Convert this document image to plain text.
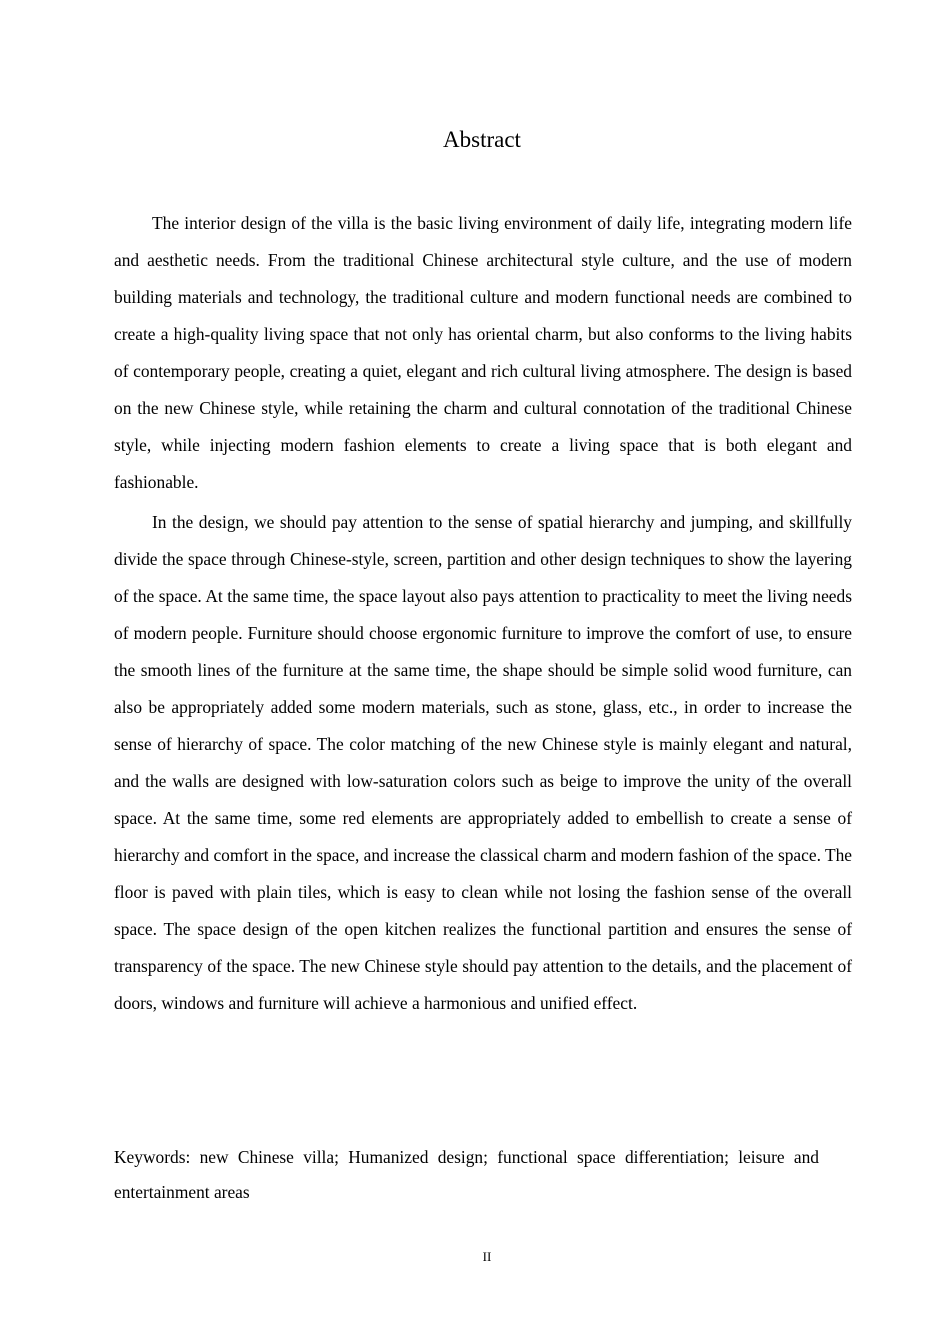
Abstract

The interior design of the villa is the basic living environment of daily life, integrating modern life and aesthetic needs. From the traditional Chinese architectural style culture, and the use of modern building materials and technology, the traditional culture and modern functional needs are combined to create a high-quality living space that not only has oriental charm, but also conforms to the living habits of contemporary people, creating a quiet, elegant and rich cultural living atmosphere. The design is based on the new Chinese style, while retaining the charm and cultural connotation of the traditional Chinese style, while injecting modern fashion elements to create a living space that is both elegant and fashionable.

In the design, we should pay attention to the sense of spatial hierarchy and jumping, and skillfully divide the space through Chinese-style, screen, partition and other design techniques to show the layering of the space. At the same time, the space layout also pays attention to practicality to meet the living needs of modern people. Furniture should choose ergonomic furniture to improve the comfort of use, to ensure the smooth lines of the furniture at the same time, the shape should be simple solid wood furniture, can also be appropriately added some modern materials, such as stone, glass, etc., in order to increase the sense of hierarchy of space. The color matching of the new Chinese style is mainly elegant and natural, and the walls are designed with low-saturation colors such as beige to improve the unity of the overall space. At the same time, some red elements are appropriately added to embellish to create a sense of hierarchy and comfort in the space, and increase the classical charm and modern fashion of the space. The floor is paved with plain tiles, which is easy to clean while not losing the fashion sense of the overall space. The space design of the open kitchen realizes the functional partition and ensures the sense of transparency of the space. The new Chinese style should pay attention to the details, and the placement of doors, windows and furniture will achieve a harmonious and unified effect.

Keywords: new Chinese villa; Humanized design; functional space differentiation; leisure and entertainment areas

II
